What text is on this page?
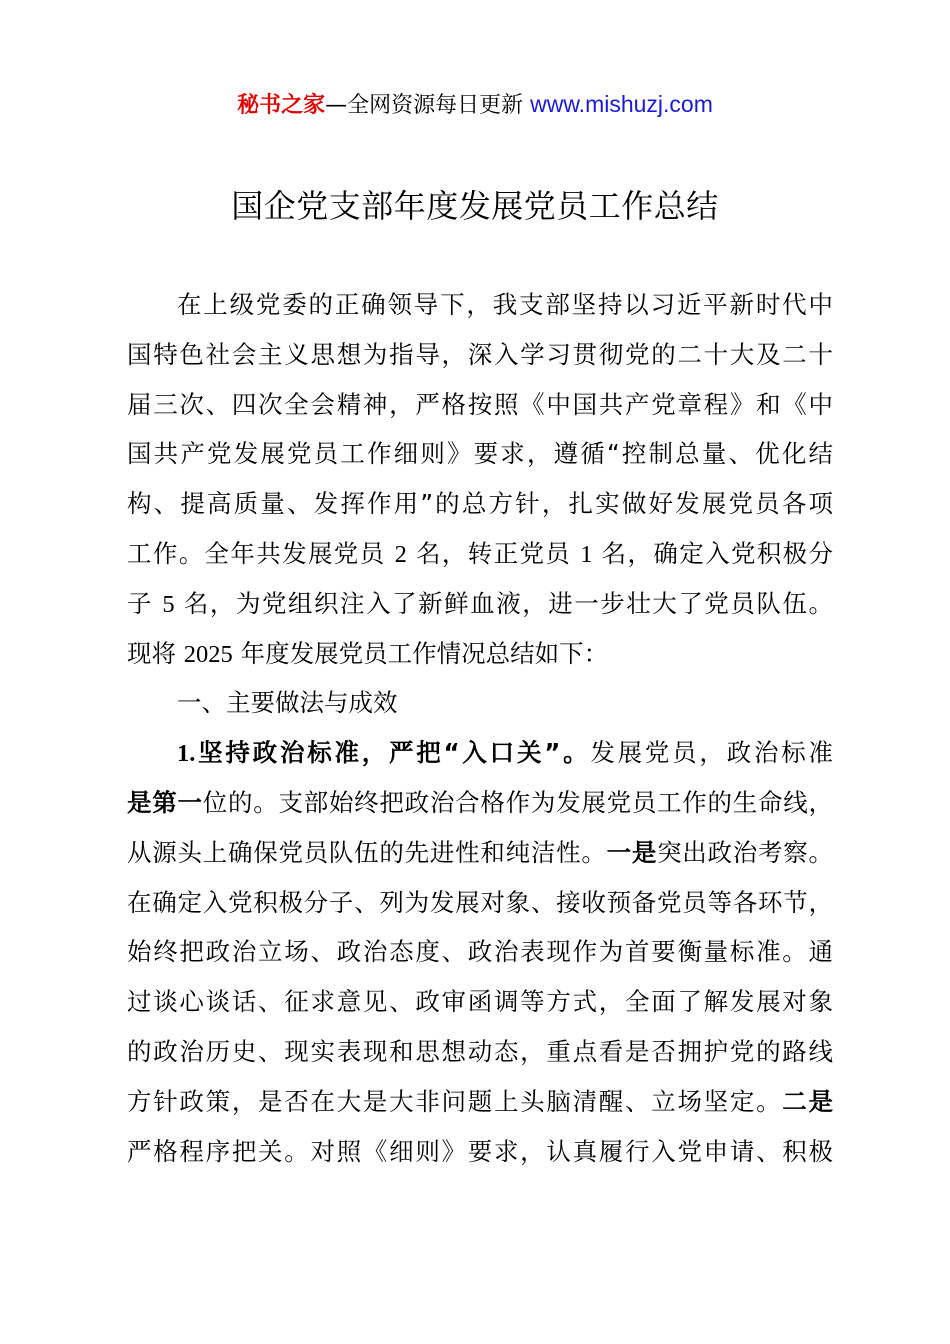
秘书之家—全网资源每日更新 www.mishuzj.com
国企党支部年度发展党员工作总结
在上级党委的正确领导下，我支部坚持以习近平新时代中
国特色社会主义思想为指导，深入学习贯彻党的二十大及二十
届三次、四次全会精神，严格按照《中国共产党章程》和《中
国共产党发展党员工作细则》要求，遵循“控制总量、优化结
构、提高质量、发挥作用”的总方针，扎实做好发展党员各项
工作。全年共发展党员 2 名，转正党员 1 名，确定入党积极分
子 5 名，为党组织注入了新鲜血液，进一步壮大了党员队伍。
现将 2025 年度发展党员工作情况总结如下：
一、主要做法与成效
1.坚持政治标准，严把“入口关”。发展党员，政治标准
是第一位的。支部始终把政治合格作为发展党员工作的生命线，
从源头上确保党员队伍的先进性和纯洁性。一是突出政治考察。
在确定入党积极分子、列为发展对象、接收预备党员等各环节，
始终把政治立场、政治态度、政治表现作为首要衡量标准。通
过谈心谈话、征求意见、政审函调等方式，全面了解发展对象
的政治历史、现实表现和思想动态，重点看是否拥护党的路线
方针政策，是否在大是大非问题上头脑清醒、立场坚定。二是
严格程序把关。对照《细则》要求，认真履行入党申请、积极
